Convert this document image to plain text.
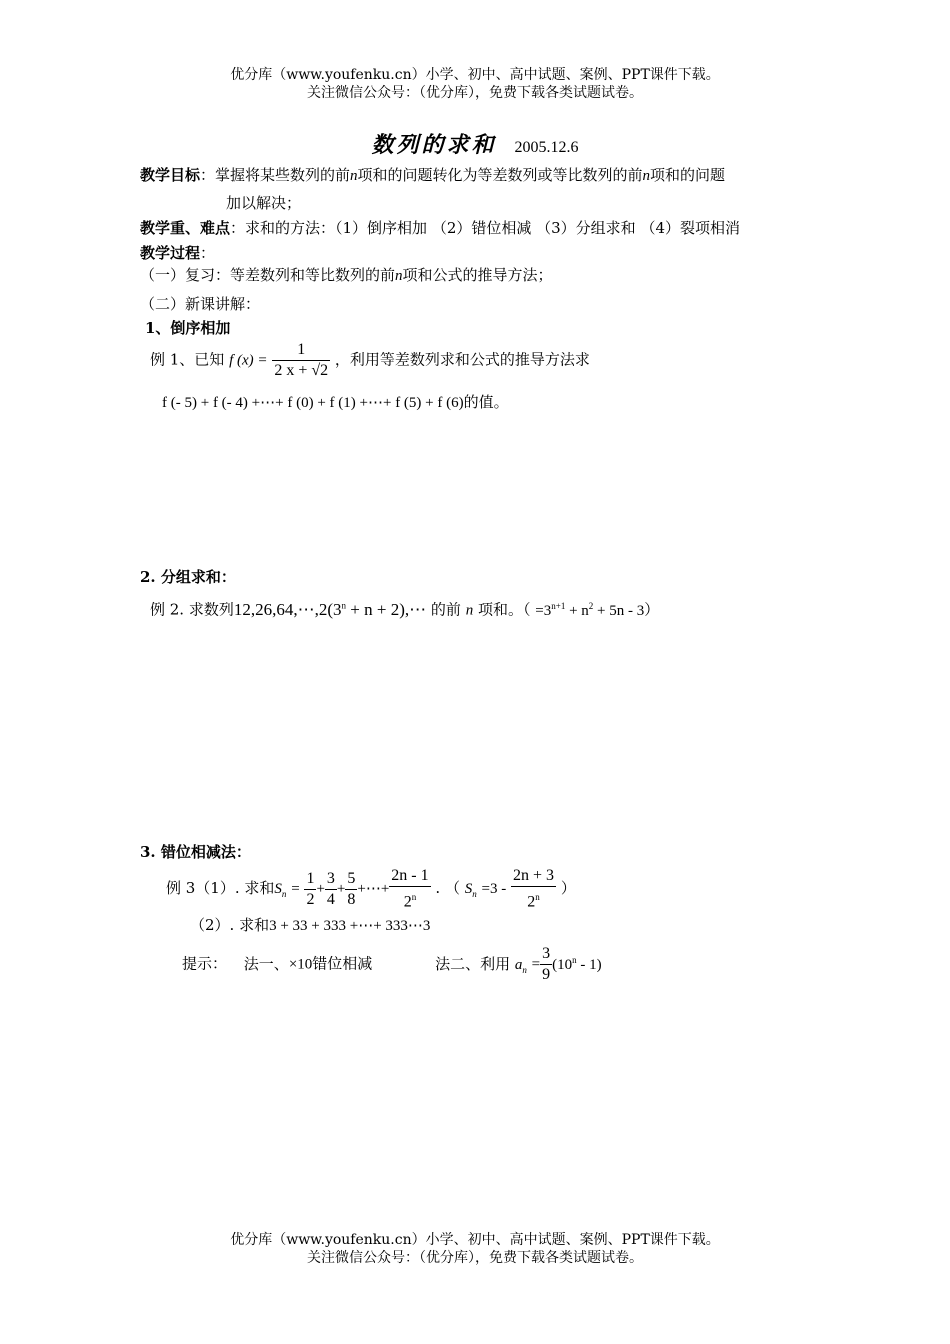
优分库（www.youfenku.cn）小学、初中、高中试题、案例、PPT课件下载。
关注微信公众号：（优分库），免费下载各类试题试卷。
数列的求和 2005.12.6
教学目标：掌握将某些数列的前n项和的问题转化为等差数列或等比数列的前n项和的问题
加以解决；
教学重、难点：求和的方法：（1）倒序相加 （2）错位相减 （3）分组求和 （4）裂项相消
教学过程：
（一）复习：等差数列和等比数列的前n项和公式的推导方法；
（二）新课讲解：
1、倒序相加
例 1、已知 f $(x) = \frac{1}{2 x + √2}$ ，利用等差数列求和公式的推导方法求
f (- 5) + f (- 4) +⋯+ f (0) + f (1) +⋯+ f (5) + f (6)的值。
2. 分组求和：
例 2. 求数列$12,26,64,\cdots,2(3^n + n$ + 2),⋯ 的前 n 项和。（ $=3^{n+1} + n^2 + 5n - 3$）
3. 错位相减法：
例 3（1）. 求和$S_n = \frac{1}{2} + \frac{3}{4} + \frac{5}{8}$ +⋯+ $\frac{2n - 1}{2^n}$ . （ $S_n =3 - \frac{2n + 3}{2^n}$ ）
（2）. 求和3 + 33 + 333 +⋯+ 333⋯3
提示： 法一、×10错位相减	法二、利用 $a_n = \frac{3}{9} (10^n - 1)$
优分库（www.youfenku.cn）小学、初中、高中试题、案例、PPT课件下载。
关注微信公众号：（优分库），免费下载各类试题试卷。
